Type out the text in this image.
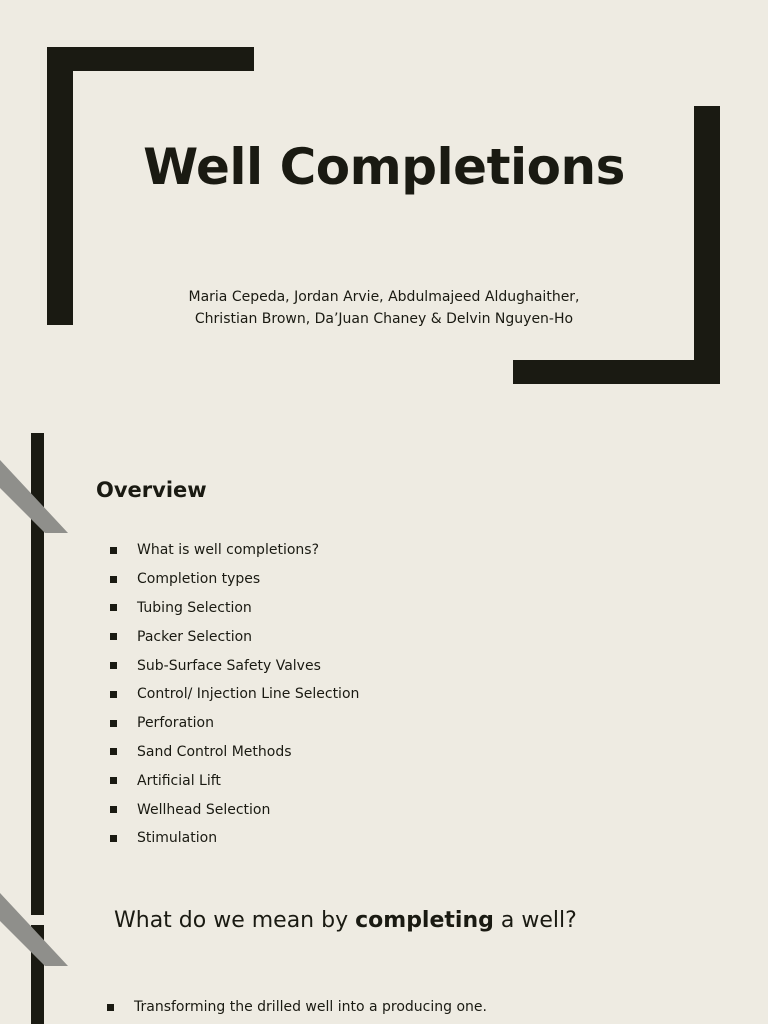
Well Completions
Maria Cepeda, Jordan Arvie, Abdulmajeed Aldughaither,
Christian Brown, Da’Juan Chaney & Delvin Nguyen-Ho
Overview
What is well completions?
Completion types
Tubing Selection
Packer Selection
Sub-Surface Safety Valves
Control/ Injection Line Selection
Perforation
Sand Control Methods
Artificial Lift
Wellhead Selection
Stimulation
What do we mean by completing a well?
Transforming the drilled well into a producing one.
